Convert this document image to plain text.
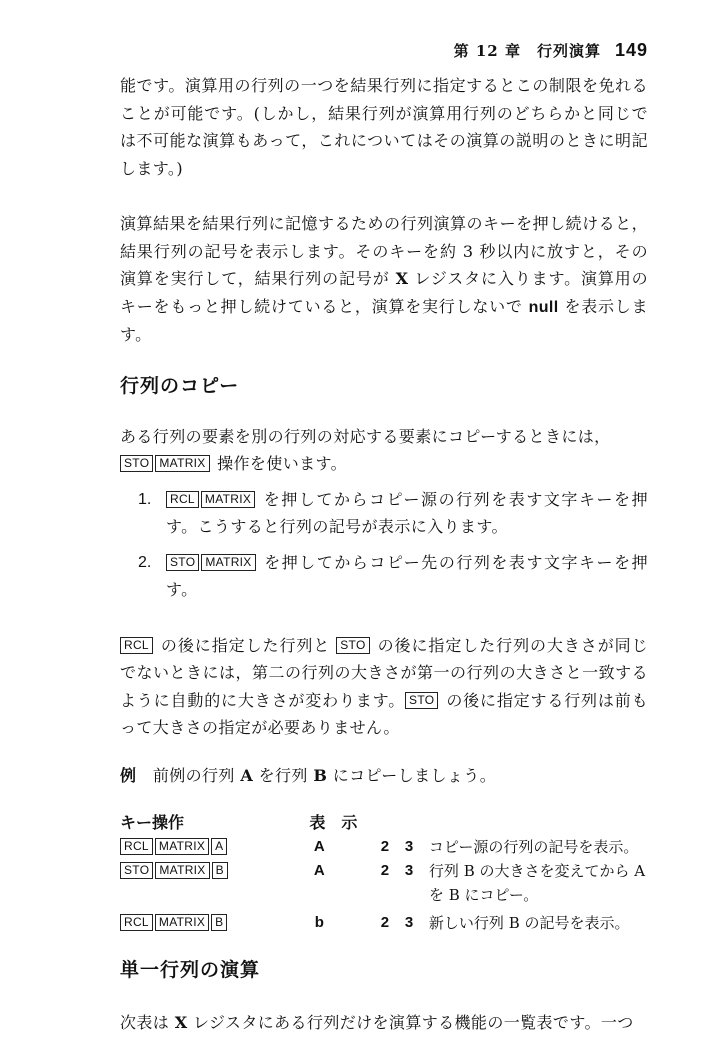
第 12 章　行列演算 149

能です。演算用の行列の一つを結果行列に指定するとこの制限を免れることが可能です。(しかし，結果行列が演算用行列のどちらかと同じでは不可能な演算もあって，これについてはその演算の説明のときに明記します。)

演算結果を結果行列に記憶するための行列演算のキーを押し続けると，結果行列の記号を表示します。そのキーを約 3 秒以内に放すと，その演算を実行して，結果行列の記号が X レジスタに入ります。演算用のキーをもっと押し続けていると，演算を実行しないで null を表示します。

行列のコピー

ある行列の要素を別の行列の対応する要素にコピーするときには，
STO MATRIX 操作を使います。

1.	RCL MATRIX を押してからコピー源の行列を表す文字キーを押す。こうすると行列の記号が表示に入ります。

2.	STO MATRIX を押してからコピー先の行列を表す文字キーを押す。

RCL の後に指定した行列と STO の後に指定した行列の大きさが同じでないときには，第二の行列の大きさが第一の行列の大きさと一致するように自動的に大きさが変わります。 STO の後に指定する行列は前もって大きさの指定が必要ありません。

例　 前例の行列 A を行列 B にコピーしましょう。

キー操作	表　示			
RCL MATRIX A	A	2	3	コピー源の行列の記号を表示。
STO MATRIX B	A	2	3	行列 B の大きさを変えてから A を B にコピー。
RCL MATRIX B	b	2	3	新しい行列 B の記号を表示。
単一行列の演算

次表は X レジスタにある行列だけを演算する機能の一覧表です。一つ
